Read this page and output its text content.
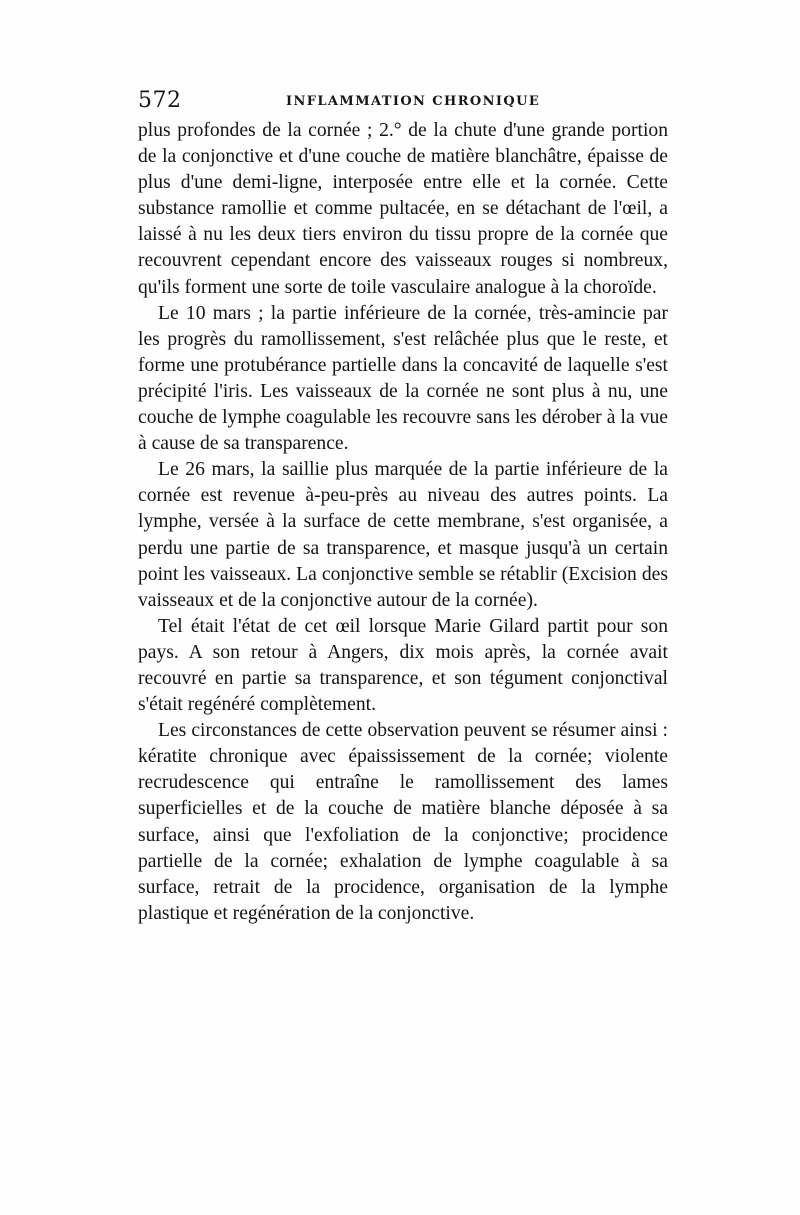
572	INFLAMMATION CHRONIQUE

plus profondes de la cornée ; 2.° de la chute d'une grande portion de la conjonctive et d'une couche de matière blanchâtre, épaisse de plus d'une demi-ligne, interposée entre elle et la cornée. Cette substance ramollie et comme pultacée, en se détachant de l'œil, a laissé à nu les deux tiers environ du tissu propre de la cornée que recouvrent cependant encore des vaisseaux rouges si nombreux, qu'ils forment une sorte de toile vasculaire analogue à la choroïde.

Le 10 mars ; la partie inférieure de la cornée, très-amincie par les progrès du ramollissement, s'est relâchée plus que le reste, et forme une protubérance partielle dans la concavité de laquelle s'est précipité l'iris. Les vaisseaux de la cornée ne sont plus à nu, une couche de lymphe coagulable les recouvre sans les dérober à la vue à cause de sa transparence.

Le 26 mars, la saillie plus marquée de la partie inférieure de la cornée est revenue à-peu-près au niveau des autres points. La lymphe, versée à la surface de cette membrane, s'est organisée, a perdu une partie de sa transparence, et masque jusqu'à un certain point les vaisseaux. La conjonctive semble se rétablir (Excision des vaisseaux et de la conjonctive autour de la cornée).

Tel était l'état de cet œil lorsque Marie Gilard partit pour son pays. A son retour à Angers, dix mois après, la cornée avait recouvré en partie sa transparence, et son tégument conjonctival s'était regénéré complètement.

Les circonstances de cette observation peuvent se résumer ainsi : kératite chronique avec épaississement de la cornée; violente recrudescence qui entraîne le ramollissement des lames superficielles et de la couche de matière blanche déposée à sa surface, ainsi que l'exfoliation de la conjonctive; procidence partielle de la cornée; exhalation de lymphe coagulable à sa surface, retrait de la procidence, organisation de la lymphe plastique et regénération de la conjonctive.
